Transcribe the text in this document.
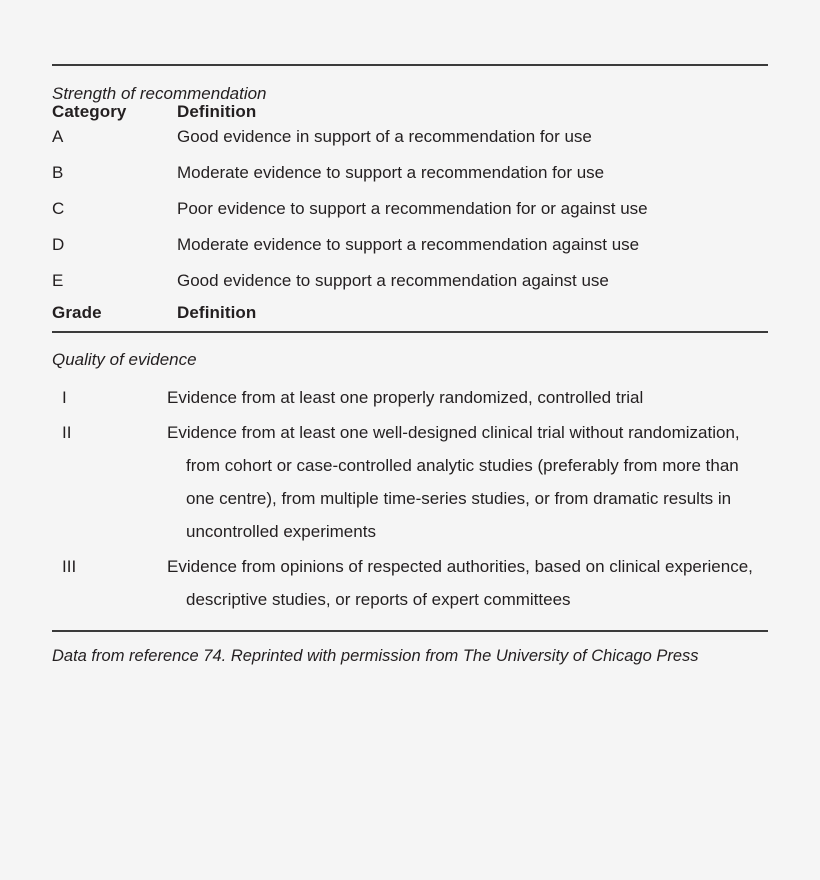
Category	Definition
Strength of recommendation
A	Good evidence in support of a recommendation for use
B	Moderate evidence to support a recommendation for use
C	Poor evidence to support a recommendation for or against use
D	Moderate evidence to support a recommendation against use
E	Good evidence to support a recommendation against use
Grade	Definition
Quality of evidence
I	Evidence from at least one properly randomized, controlled trial
II	Evidence from at least one well-designed clinical trial without randomization, from cohort or case-controlled analytic studies (preferably from more than one centre), from multiple time-series studies, or from dramatic results in uncontrolled experiments
III	Evidence from opinions of respected authorities, based on clinical experience, descriptive studies, or reports of expert committees
Data from reference 74. Reprinted with permission from The University of Chicago Press
